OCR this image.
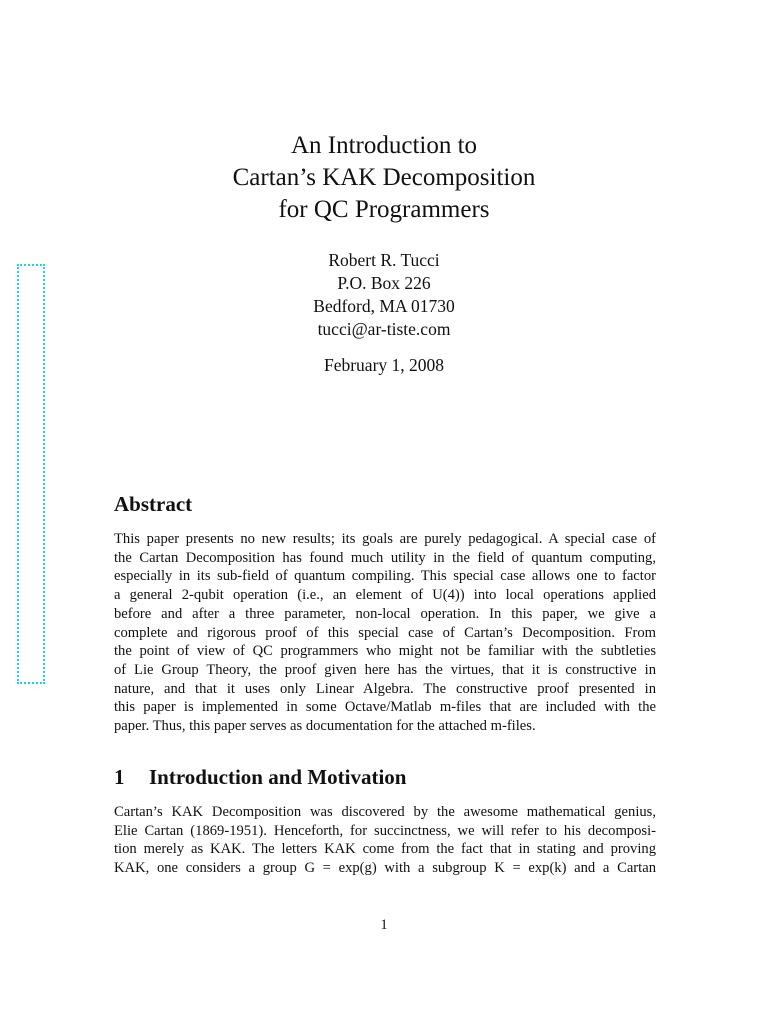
An Introduction to
Cartan’s KAK Decomposition
for QC Programmers
Robert R. Tucci
P.O. Box 226
Bedford, MA 01730
tucci@ar-tiste.com
February 1, 2008
Abstract
This paper presents no new results; its goals are purely pedagogical. A special case of
the Cartan Decomposition has found much utility in the field of quantum computing,
especially in its sub-field of quantum compiling. This special case allows one to factor
a general 2-qubit operation (i.e., an element of U(4)) into local operations applied
before and after a three parameter, non-local operation. In this paper, we give a
complete and rigorous proof of this special case of Cartan’s Decomposition. From
the point of view of QC programmers who might not be familiar with the subtleties
of Lie Group Theory, the proof given here has the virtues, that it is constructive in
nature, and that it uses only Linear Algebra. The constructive proof presented in
this paper is implemented in some Octave/Matlab m-files that are included with the
paper. Thus, this paper serves as documentation for the attached m-files.
1 Introduction and Motivation
Cartan’s KAK Decomposition was discovered by the awesome mathematical genius,
Elie Cartan (1869-1951). Henceforth, for succinctness, we will refer to his decomposi-
tion merely as KAK. The letters KAK come from the fact that in stating and proving
KAK, one considers a group G = exp(g) with a subgroup K = exp(k) and a Cartan
1
